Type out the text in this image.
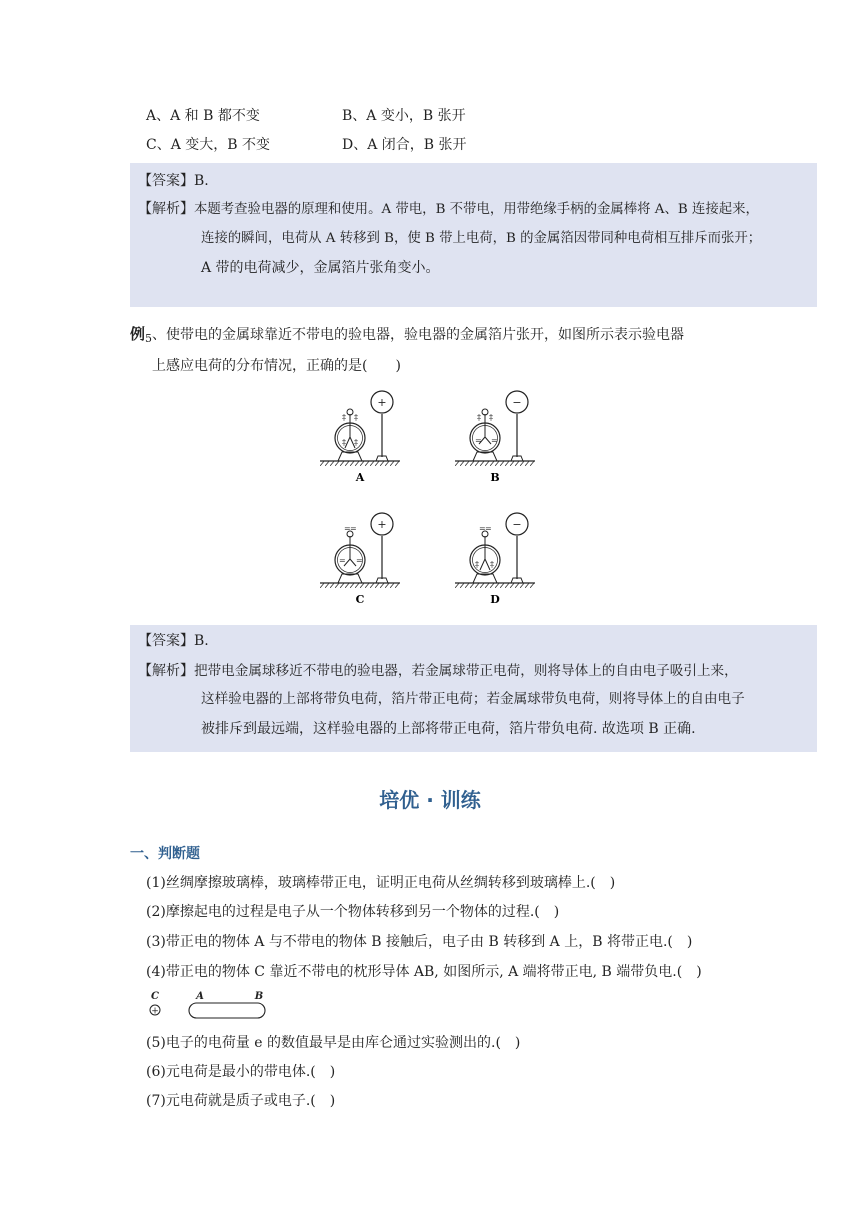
A、A 和 B 都不变	B、A 变小，B 张开
C、A 变大，B 不变	D、A 闭合，B 张开
【答案】B.
【解析】本题考查验电器的原理和使用。A 带电，B 不带电，用带绝缘手柄的金属棒将 A、B 连接起来，
连接的瞬间，电荷从 A 转移到 B，使 B 带上电荷，B 的金属箔因带同种电荷相互排斥而张开；
A 带的电荷减少，金属箔片张角变小。
例$_5$、使带电的金属球靠近不带电的验电器，验电器的金属箔片张开，如图所示表示验电器
上感应电荷的分布情况，正确的是(　　)
‡ ‡
‡ ‡
+
A
‡ ‡
= =
−
B
= =
= =
+
C
= =
‡ ‡
−
D
【答案】B.
【解析】把带电金属球移近不带电的验电器，若金属球带正电荷，则将导体上的自由电子吸引上来，
这样验电器的上部将带负电荷，箔片带正电荷；若金属球带负电荷，则将导体上的自由电子
被排斥到最远端，这样验电器的上部将带正电荷，箔片带负电荷. 故选项 B 正确.
培优 · 训练
一、判断题
(1)丝绸摩擦玻璃棒，玻璃棒带正电，证明正电荷从丝绸转移到玻璃棒上.(　)
(2)摩擦起电的过程是电子从一个物体转移到另一个物体的过程.(　)
(3)带正电的物体 A 与不带电的物体 B 接触后，电子由 B 转移到 A 上，B 将带正电.(　)
(4)带正电的物体 C 靠近不带电的枕形导体 AB, 如图所示, A 端将带正电, B 端带负电.(　)
C
+
A	B
(5)电子的电荷量 e 的数值最早是由库仑通过实验测出的.(　)
(6)元电荷是最小的带电体.(　)
(7)元电荷就是质子或电子.(　)
